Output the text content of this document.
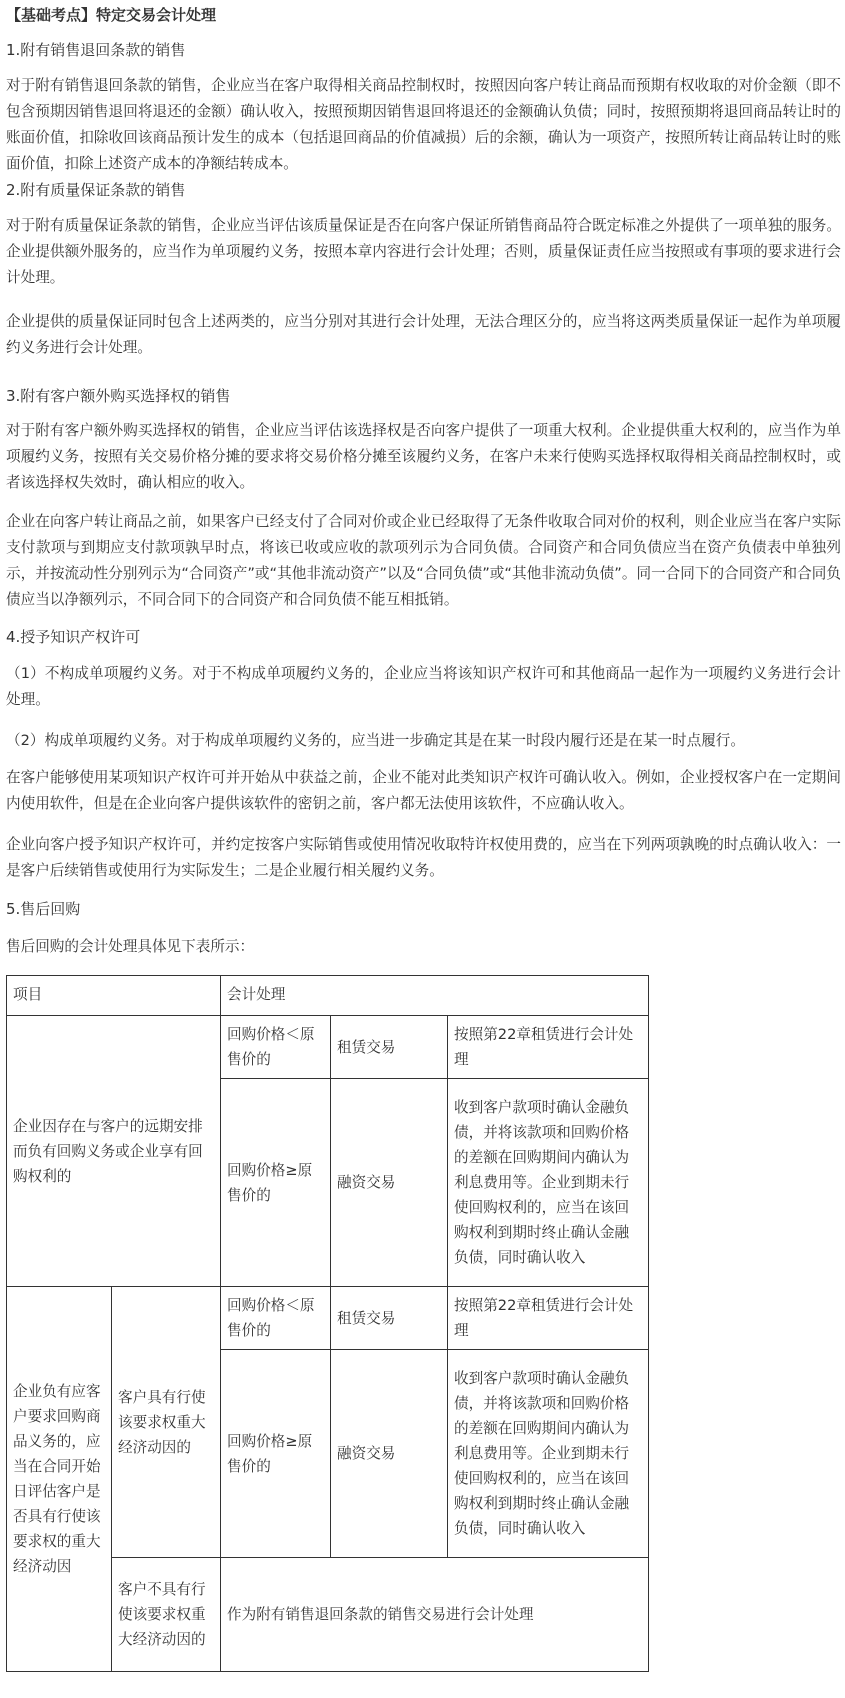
【基础考点】特定交易会计处理
1.附有销售退回条款的销售
对于附有销售退回条款的销售，企业应当在客户取得相关商品控制权时，按照因向客户转让商品而预期有权收取的对价金额（即不包含预期因销售退回将退还的金额）确认收入，按照预期因销售退回将退还的金额确认负债；同时，按照预期将退回商品转让时的账面价值，扣除收回该商品预计发生的成本（包括退回商品的价值减损）后的余额，确认为一项资产，按照所转让商品转让时的账面价值，扣除上述资产成本的净额结转成本。
2.附有质量保证条款的销售
对于附有质量保证条款的销售，企业应当评估该质量保证是否在向客户保证所销售商品符合既定标准之外提供了一项单独的服务。企业提供额外服务的，应当作为单项履约义务，按照本章内容进行会计处理；否则，质量保证责任应当按照或有事项的要求进行会计处理。
企业提供的质量保证同时包含上述两类的，应当分别对其进行会计处理，无法合理区分的，应当将这两类质量保证一起作为单项履约义务进行会计处理。
3.附有客户额外购买选择权的销售
对于附有客户额外购买选择权的销售，企业应当评估该选择权是否向客户提供了一项重大权利。企业提供重大权利的，应当作为单项履约义务，按照有关交易价格分摊的要求将交易价格分摊至该履约义务，在客户未来行使购买选择权取得相关商品控制权时，或者该选择权失效时，确认相应的收入。
企业在向客户转让商品之前，如果客户已经支付了合同对价或企业已经取得了无条件收取合同对价的权利，则企业应当在客户实际支付款项与到期应支付款项孰早时点，将该已收或应收的款项列示为合同负债。合同资产和合同负债应当在资产负债表中单独列示，并按流动性分别列示为“合同资产”或“其他非流动资产”以及“合同负债”或“其他非流动负债”。同一合同下的合同资产和合同负债应当以净额列示，不同合同下的合同资产和合同负债不能互相抵销。
4.授予知识产权许可
（1）不构成单项履约义务。对于不构成单项履约义务的，企业应当将该知识产权许可和其他商品一起作为一项履约义务进行会计处理。
（2）构成单项履约义务。对于构成单项履约义务的，应当进一步确定其是在某一时段内履行还是在某一时点履行。
在客户能够使用某项知识产权许可并开始从中获益之前，企业不能对此类知识产权许可确认收入。例如，企业授权客户在一定期间内使用软件，但是在企业向客户提供该软件的密钥之前，客户都无法使用该软件，不应确认收入。
企业向客户授予知识产权许可，并约定按客户实际销售或使用情况收取特许权使用费的，应当在下列两项孰晚的时点确认收入：一是客户后续销售或使用行为实际发生；二是企业履行相关履约义务。
5.售后回购
售后回购的会计处理具体见下表所示：
项目		会计处理		
企业因存在与客户的远期安排而负有回购义务或企业享有回购权利的		回购价格＜原售价的	租赁交易	按照第22章租赁进行会计处理
		回购价格≥原售价的	融资交易	收到客户款项时确认金融负债，并将该款项和回购价格的差额在回购期间内确认为利息费用等。企业到期未行使回购权利的，应当在该回购权利到期时终止确认金融负债，同时确认收入
企业负有应客户要求回购商品义务的，应当在合同开始日评估客户是否具有行使该要求权的重大经济动因	客户具有行使该要求权重大经济动因的	回购价格＜原售价的	租赁交易	按照第22章租赁进行会计处理
		回购价格≥原售价的	融资交易	收到客户款项时确认金融负债，并将该款项和回购价格的差额在回购期间内确认为利息费用等。企业到期未行使回购权利的，应当在该回购权利到期时终止确认金融负债，同时确认收入
	客户不具有行使该要求权重大经济动因的	作为附有销售退回条款的销售交易进行会计处理		
